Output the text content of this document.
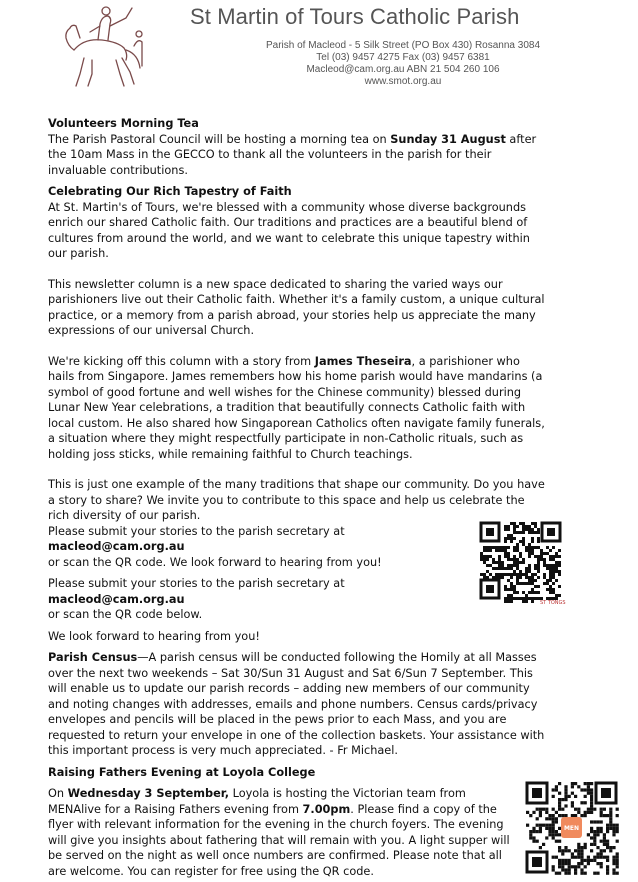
St Martin of Tours Catholic Parish
Parish of Macleod - 5 Silk Street (PO Box 430) Rosanna 3084
Tel (03) 9457 4275 Fax (03) 9457 6381
Macleod@cam.org.au ABN 21 504 260 106
www.smot.org.au

Volunteers Morning Tea

The Parish Pastoral Council will be hosting a morning tea on Sunday 31 August after the 10am Mass in the GECCO to thank all the volunteers in the parish for their invaluable contributions.

Celebrating Our Rich Tapestry of Faith

At St. Martin's of Tours, we're blessed with a community whose diverse backgrounds enrich our shared Catholic faith. Our traditions and practices are a beautiful blend of cultures from around the world, and we want to celebrate this unique tapestry within our parish.

This newsletter column is a new space dedicated to sharing the varied ways our parishioners live out their Catholic faith. Whether it's a family custom, a unique cultural practice, or a memory from a parish abroad, your stories help us appreciate the many expressions of our universal Church.

We're kicking off this column with a story from James Theseira, a parishioner who hails from Singapore. James remembers how his home parish would have mandarins (a symbol of good fortune and well wishes for the Chinese community) blessed during Lunar New Year celebrations, a tradition that beautifully connects Catholic faith with local custom. He also shared how Singaporean Catholics often navigate family funerals, a situation where they might respectfully participate in non-Catholic rituals, such as holding joss sticks, while remaining faithful to Church teachings.

This is just one example of the many traditions that shape our community. Do you have a story to share? We invite you to contribute to this space and help us celebrate the rich diversity of our parish.

Please submit your stories to the parish secretary at macleod@cam.org.au
or scan the QR code. We look forward to hearing from you!

Please submit your stories to the parish secretary at macleod@cam.org.au
or scan the QR code below.

We look forward to hearing from you!

Parish Census—A parish census will be conducted following the Homily at all Masses over the next two weekends – Sat 30/Sun 31 August and Sat 6/Sun 7 September. This will enable us to update our parish records – adding new members of our community and noting changes with addresses, emails and phone numbers. Census cards/privacy envelopes and pencils will be placed in the pews prior to each Mass, and you are requested to return your envelope in one of the collection baskets. Your assistance with this important process is very much appreciated. - Fr Michael.

Raising Fathers Evening at Loyola College

On Wednesday 3 September, Loyola is hosting the Victorian team from MENAlive for a Raising Fathers evening from 7.00pm. Please find a copy of the flyer with relevant information for the evening in the church foyers. The evening will give you insights about fathering that will remain with you. A light supper will be served on the night as well once numbers are confirmed. Please note that all are welcome. You can register for free using the QR code.

ST TONGS
MEN
